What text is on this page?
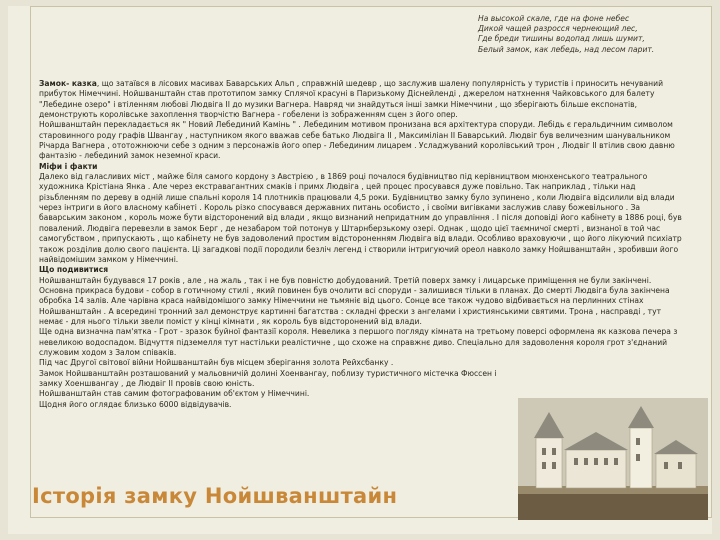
На высокой скале, где на фоне небес
Дикой чащей разросся чернеющий лес,
Где бреди тишины водопад лишь шумит,
Белый замок, как лебедь, над лесом парит.

Замок- казка, що затаївся в лісових масивах Баварських Альп , справжній шедевр , що заслужив шалену популярність у туристів і приносить нечуваний прибуток Німеччині. Нойшванштайн став прототипом замку Сплячої красуні в Паризькому Діснейленді , джерелом натхнення Чайковського для балету "Лебедине озеро" і втіленням любові Людвіга II до музики Вагнера. Навряд чи знайдуться інші замки Німеччини , що зберігають більше експонатів, демонструють королівське захоплення творчістю Вагнера - гобелени із зображенням сцен з його опер.

Нойшванштайн перекладається як " Новий Лебединий Камінь " . Лебединим мотивом пронизана вся архітектура споруди. Лебідь є геральдичним символом старовинного роду графів Швангау , наступником якого вважав себе батько Людвіга II , Максиміліан II Баварський. Людвіг був величезним шанувальником Річарда Вагнера , ототожнюючи себе з одним з персонажів його опер - Лебединим лицарем . Усладжуваний королівський трон , Людвіг II втілив свою давню фантазію - лебединий замок неземної краси.

Міфи і факти

Далеко від галасливих міст , майже біля самого кордону з Австрією , в 1869 році почалося будівництво під керівництвом мюнхенського театрального художника Крістіана Янка . Але через екстравагантних смаків і примх Людвіга , цей процес просувався дуже повільно. Так наприклад , тільки над різьбленням по дереву в одній лише спальні короля 14 плотників працювали 4,5 роки. Будівництво замку було зупинено , коли Людвіга відсилили від влади через інтриги в його власному кабінеті . Король різко спосувався державних питань особисто , і своїми вигівками заслужив славу божевільного . За баварським законом , король може бути відсторонений від влади , якщо визнаний непридатним до управління . І після доповіді його кабінету в 1886 році, був повалений. Людвіга перевезли в замок Берг , де незабаром той потонув у Штарнберзькому озері. Однак , щодо цієї таємничої смерті , визнаної в той час самогубством , припускають , що кабінету не був задоволений простим відстороненням Людвіга від влади. Особливо враховуючи , що його лікуючий психіатр також розділив долю свого пацієнта. Ці загадкові події породили безліч легенд і створили інтригуючий ореол навколо замку Нойшванштайн , зробивши його найвідомішим замком у Німеччині.

Що подивитися

Нойшванштайн будувався 17 років , але , на жаль , так і не був повністю добудований. Третій поверх замку і лицарське приміщення не були закінчені. Основна прикраса будови - собор в готичному стилі , який повинен був очолити всі споруди - залишився тільки в планах. До смерті Людвіга була закінчена обробка 14 залів. Але чарівна краса найвідомішого замку Німеччини не тьмяніє від цього. Сонце все також чудово відбивається на перлинних стінах Нойшванштайн . А всередині тронний зал демонструє картинні багатства : складні фрески з ангелами і християнськими святими. Тронa , насправді , тут немає - для нього тільки звели поміст у кінці кімнати , як король був відсторонений від влади.

Ще одна визначна пам'ятка - Грот - зразок буйної фантазії короля. Невелика з першого погляду кімната на третьому поверсі оформлена як казкова печера з невеликою водоспадом. Відчуття підземелля тут настільки реалістичне , що схоже на справжнє диво. Спеціально для задоволення короля грот з'єднаний служовим ходом з Залом співаків.

Під час Другої світової війни Нойшванштайн був місцем зберігання золота Рейхсбанку .

Замок Нойшванштайн розташований у мальовничій долині Хоенвангау, поблизу туристичного містечка Фюссен і замку Хоеншвангау , де Людвіг II провів свою юність.

Нойшванштайн став самим фотографованим об'єктом у Німеччині.

Щодня його оглядає близько 6000 відвідувачів.

Історія замку Нойшванштайн
